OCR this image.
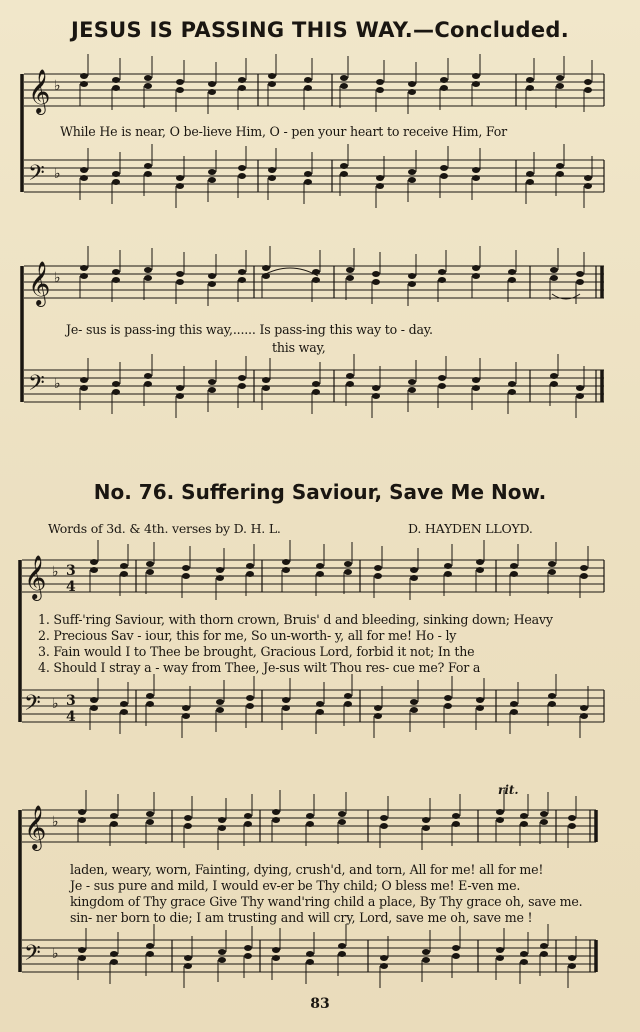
JESUS IS PASSING THIS WAY.—Concluded.
𝄞
𝄢
♭
♭
While He is near, O be-lieve Him, O - pen your heart to receive Him, For
𝄞
𝄢
♭
♭
Je- sus is pass-ing this way,...... Is pass-ing this way to - day.
this way,
No. 76. Suffering Saviour, Save Me Now.
Words of 3d. & 4th. verses by D. H. L.	D. HAYDEN LLOYD.
𝄞
𝄢
♭
♭
3
4
3
4
1. Suff-'ring Saviour, with thorn crown, Bruis' d and bleeding, sinking down; Heavy
2. Precious Sav - iour, this for me, So un-worth- y, all for me! Ho - ly
3. Fain would I to Thee be brought, Gracious Lord, forbid it not; In the
4. Should I stray a - way from Thee, Je-sus wilt Thou res- cue me? For a
𝄞
𝄢
♭
♭
rit.
laden, weary, worn, Fainting, dying, crush'd, and torn, All for me! all for me!
Je - sus pure and mild, I would ev-er be Thy child; O bless me! E-ven me.
kingdom of Thy grace Give Thy wand'ring child a place, By Thy grace oh, save me.
sin- ner born to die; I am trusting and will cry, Lord, save me oh, save me !
83
